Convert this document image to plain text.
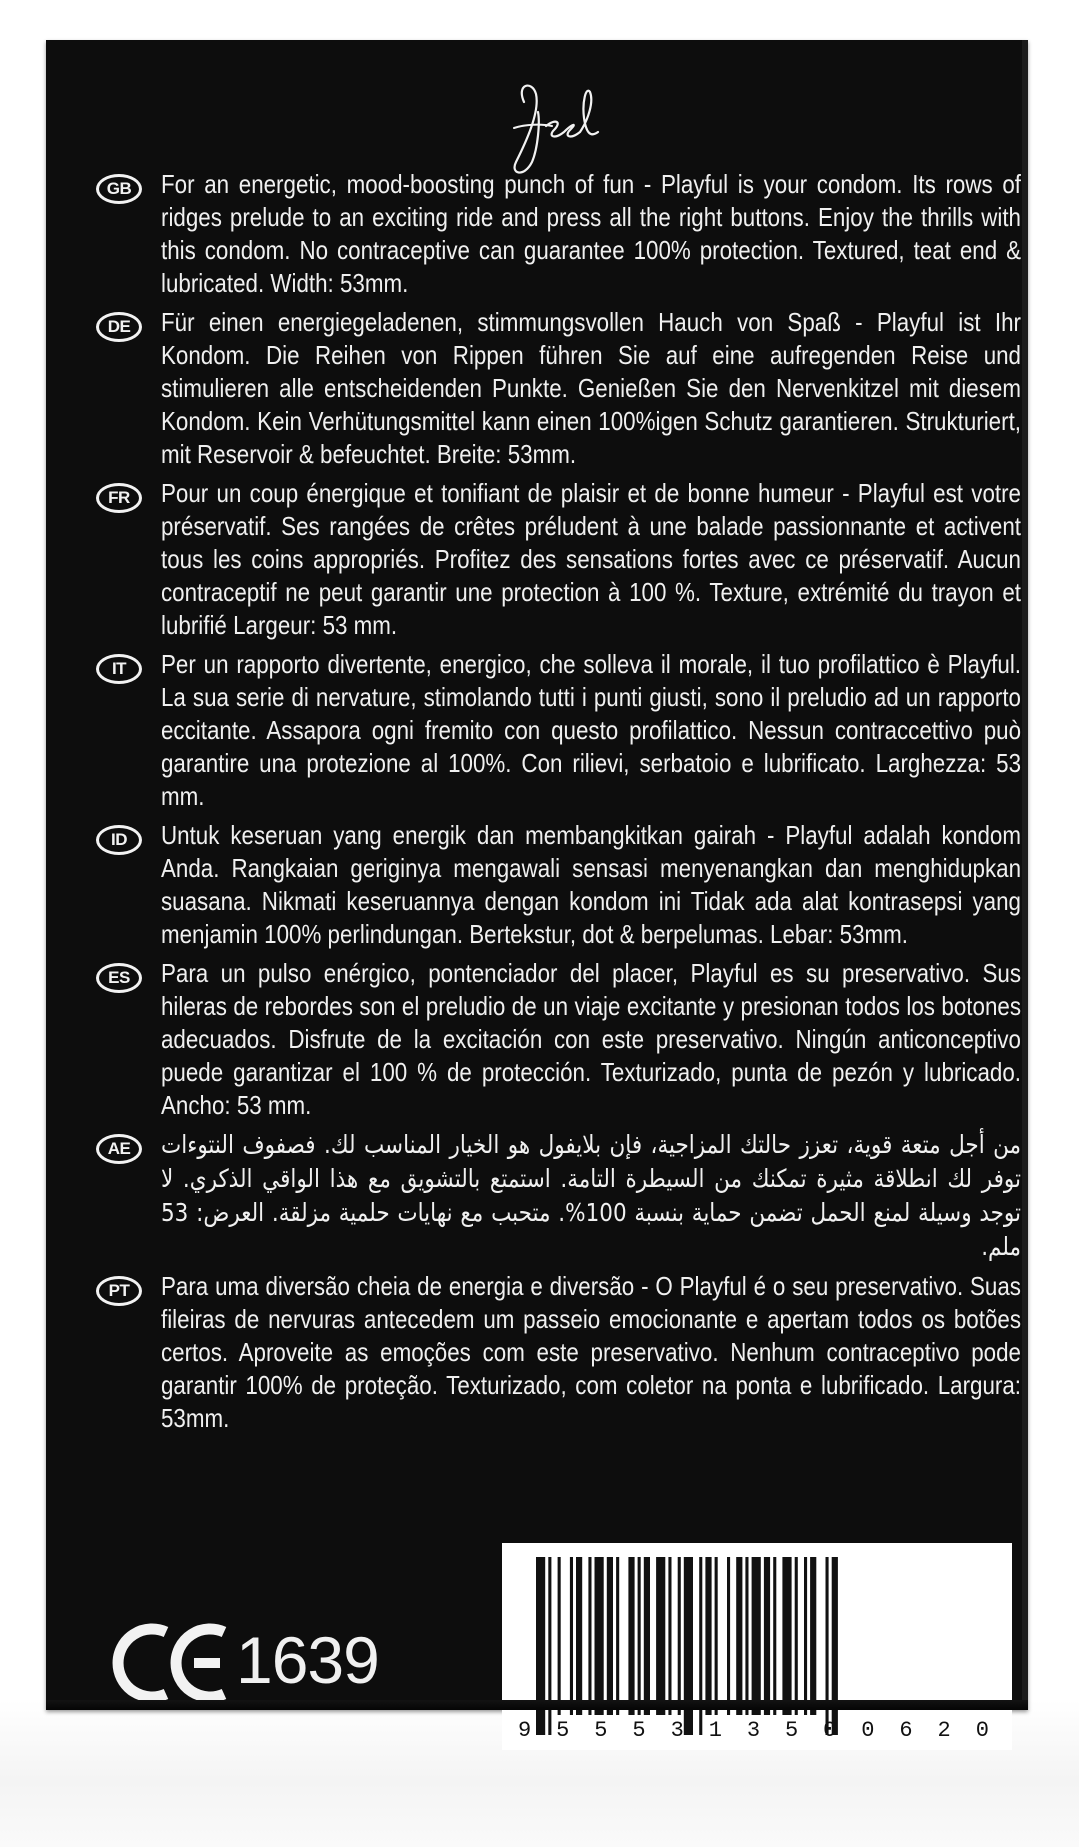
GB	For an energetic, mood-boosting punch of fun - Playful is your condom. Its rows of ridges prelude to an exciting ride and press all the right buttons. Enjoy the thrills with this condom. No contraceptive can guarantee 100% protection. Textured, teat end & lubricated. Width: 53mm.
DE	Für einen energiegeladenen, stimmungsvollen Hauch von Spaß - Playful ist Ihr Kondom. Die Reihen von Rippen führen Sie auf eine aufregenden Reise und stimulieren alle entscheidenden Punkte. Genießen Sie den Nervenkitzel mit diesem Kondom. Kein Verhütungsmittel kann einen 100%igen Schutz garantieren. Strukturiert, mit Reservoir & befeuchtet. Breite: 53mm.
FR	Pour un coup énergique et tonifiant de plaisir et de bonne humeur - Playful est votre préservatif. Ses rangées de crêtes préludent à une balade passionnante et activent tous les coins appropriés. Profitez des sensations fortes avec ce préservatif. Aucun contraceptif ne peut garantir une protection à 100 %. Texture, extrémité du trayon et lubrifié Largeur: 53 mm.
IT	Per un rapporto divertente, energico, che solleva il morale, il tuo profilattico è Playful. La sua serie di nervature, stimolando tutti i punti giusti, sono il preludio ad un rapporto eccitante. Assapora ogni fremito con questo profilattico. Nessun contraccettivo può garantire una protezione al 100%. Con rilievi, serbatoio e lubrificato. Larghezza: 53 mm.
ID	Untuk keseruan yang energik dan membangkitkan gairah - Playful adalah kondom Anda. Rangkaian geriginya mengawali sensasi menyenangkan dan menghidupkan suasana. Nikmati keseruannya dengan kondom ini Tidak ada alat kontrasepsi yang menjamin 100% perlindungan. Bertekstur, dot & berpelumas. Lebar: 53mm.
ES	Para un pulso enérgico, pontenciador del placer, Playful es su preservativo. Sus hileras de rebordes son el preludio de un viaje excitante y presionan todos los botones adecuados. Disfrute de la excitación con este preservativo. Ningún anticonceptivo puede garantizar el 100 % de protección. Texturizado, punta de pezón y lubricado. Ancho: 53 mm.
AE	من أجل متعة قوية، تعزز حالتك المزاجية، فإن بلايفول هو الخيار المناسب لك. فصفوف النتوءات توفر لك انطلاقة مثيرة تمكنك من السيطرة التامة. استمتع بالتشويق مع هذا الواقي الذكري. لا توجد وسيلة لمنع الحمل تضمن حماية بنسبة 100%. متحبب مع نهايات حلمية مزلقة. العرض: 53 ملم.
PT	Para uma diversão cheia de energia e diversão - O Playful é o seu preservativo. Suas fileiras de nervuras antecedem um passeio emocionante e apertam todos os botões certos. Aproveite as emoções com este preservativo. Nenhum contraceptivo pode garantir 100% de proteção. Texturizado, com coletor na ponta e lubrificado. Largura: 53mm.
1639
9 5 5 5 3 1 3 5 0 0 6 2 0
